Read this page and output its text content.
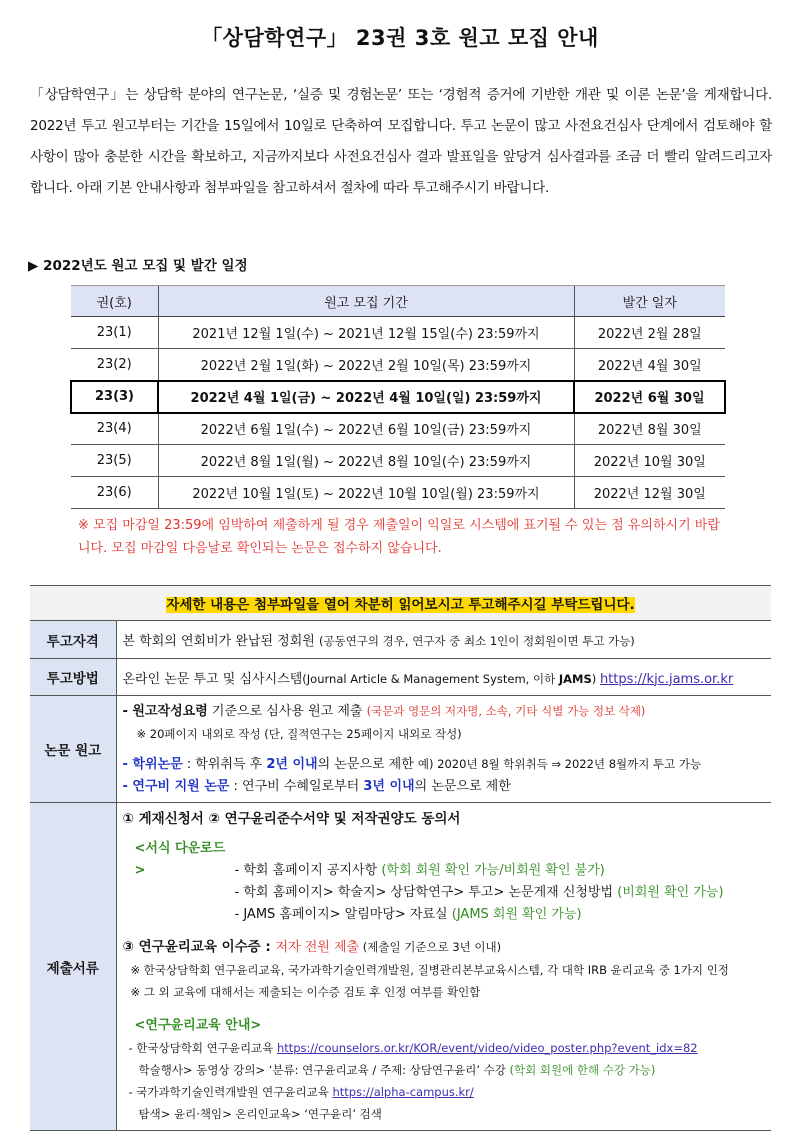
「상담학연구」 23권 3호 원고 모집 안내
「상담학연구」는 상담학 분야의 연구논문, ‘실증 및 경험논문’ 또는 ‘경험적 증거에 기반한 개관 및 이론 논문’을 게재합니다. 2022년 투고 원고부터는 기간을 15일에서 10일로 단축하여 모집합니다. 투고 논문이 많고 사전요건심사 단계에서 검토해야 할 사항이 많아 충분한 시간을 확보하고, 지금까지보다 사전요건심사 결과 발표일을 앞당겨 심사결과를 조금 더 빨리 알려드리고자 합니다. 아래 기본 안내사항과 첨부파일을 참고하셔서 절차에 따라 투고해주시기 바랍니다.
▶ 2022년도 원고 모집 및 발간 일정
권(호)	원고 모집 기간	발간 일자
23(1)	2021년 12월 1일(수) ~ 2021년 12월 15일(수) 23:59까지	2022년 2월 28일
23(2)	2022년 2월 1일(화) ~ 2022년 2월 10일(목) 23:59까지	2022년 4월 30일
23(3)	2022년 4월 1일(금) ~ 2022년 4월 10일(일) 23:59까지	2022년 6월 30일
23(4)	2022년 6월 1일(수) ~ 2022년 6월 10일(금) 23:59까지	2022년 8월 30일
23(5)	2022년 8월 1일(월) ~ 2022년 8월 10일(수) 23:59까지	2022년 10월 30일
23(6)	2022년 10월 1일(토) ~ 2022년 10월 10일(월) 23:59까지	2022년 12월 30일
※ 모집 마감일 23:59에 임박하여 제출하게 될 경우 제출일이 익일로 시스템에 표기될 수 있는 점 유의하시기 바랍니다. 모집 마감일 다음날로 확인되는 논문은 접수하지 않습니다.
자세한 내용은 첨부파일을 열어 차분히 읽어보시고 투고해주시길 부탁드립니다.
투고자격	본 학회의 연회비가 완납된 정회원 (공동연구의 경우, 연구자 중 최소 1인이 정회원이면 투고 가능)
투고방법	온라인 논문 투고 및 심사시스템(Journal Article & Management System, 이하 JAMS) https://kjc.jams.or.kr
논문 원고	
- 원고작성요령 기준으로 심사용 원고 제출 (국문과 영문의 저자명, 소속, 기타 식별 가능 정보 삭제)
※ 20페이지 내외로 작성 (단, 질적연구는 25페이지 내외로 작성)
- 학위논문 : 학위취득 후 2년 이내의 논문으로 제한 예) 2020년 8월 학위취득 ⇒ 2022년 8월까지 투고 가능
- 연구비 지원 논문 : 연구비 수혜일로부터 3년 이내의 논문으로 제한

제출서류	
① 게재신청서 ② 연구윤리준수서약 및 저작권양도 동의서
<서식 다운로드>	- 학회 홈페이지 공지사항 (학회 회원 확인 가능/비회원 확인 불가)
- 학회 홈페이지> 학술지> 상담학연구> 투고> 논문게재 신청방법 (비회원 확인 가능)
- JAMS 홈페이지> 알림마당> 자료실 (JAMS 회원 확인 가능)
③ 연구윤리교육 이수증 : 저자 전원 제출 (제출일 기준으로 3년 이내)
※ 한국상담학회 연구윤리교육, 국가과학기술인력개발원, 질병관리본부교육시스템, 각 대학 IRB 윤리교육 중 1가지 인정
※ 그 외 교육에 대해서는 제출되는 이수증 검토 후 인정 여부를 확인함
<연구윤리교육 안내>
- 한국상담학회 연구윤리교육 https://counselors.or.kr/KOR/event/video/video_poster.php?event_idx=82
학술행사> 동영상 강의> ‘분류: 연구윤리교육 / 주제: 상담연구윤리’ 수강 (학회 회원에 한해 수강 가능)
- 국가과학기술인력개발원 연구윤리교육 https://alpha-campus.kr/
탐색> 윤리·책임> 온리인교육> ‘연구윤리’ 검색
